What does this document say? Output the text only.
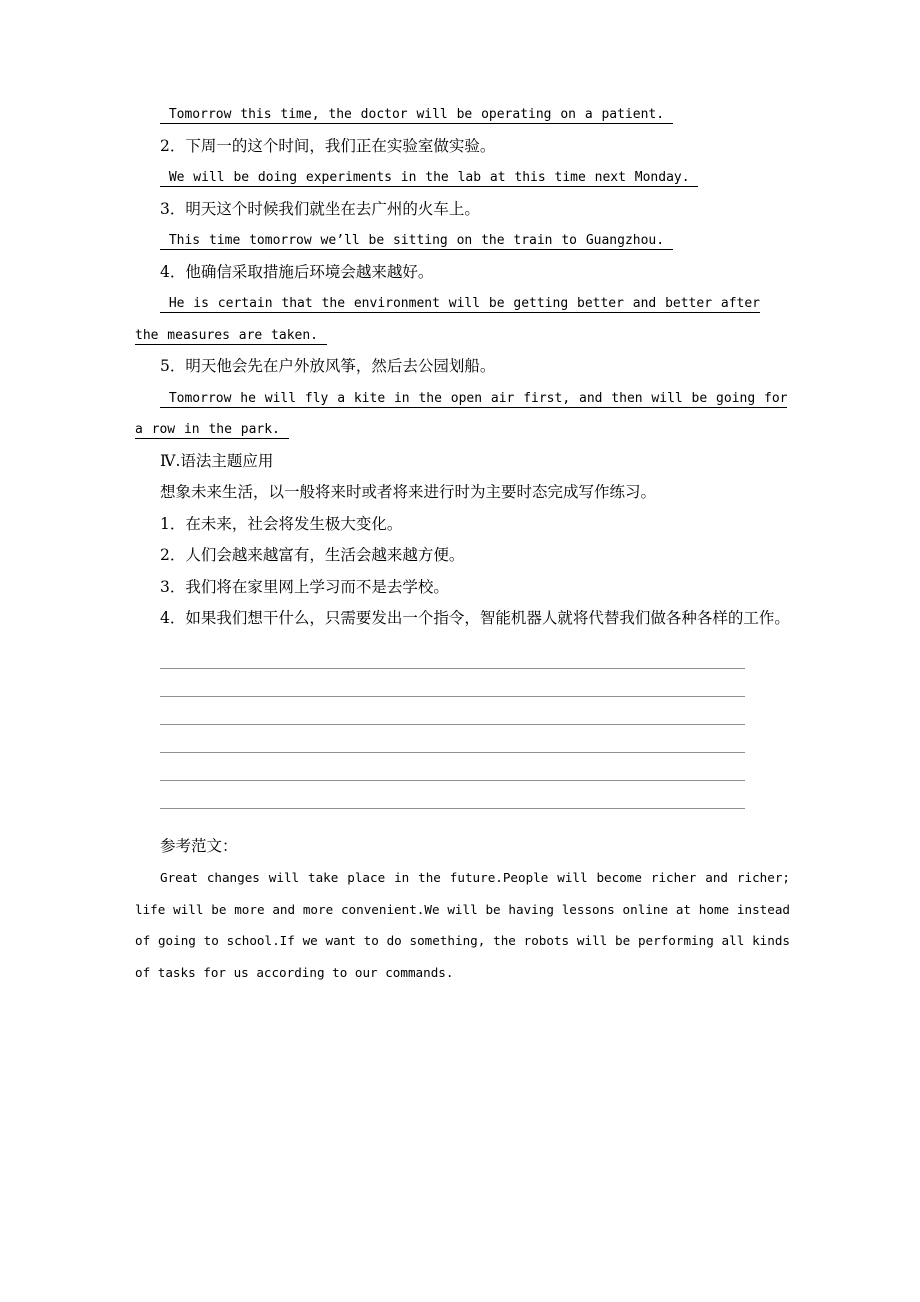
Tomorrow this time, the doctor will be operating on a patient.

2．下周一的这个时间，我们正在实验室做实验。

We will be doing experiments in the lab at this time next Monday.

3．明天这个时候我们就坐在去广州的火车上。

This time tomorrow we’ll be sitting on the train to Guangzhou.

4．他确信采取措施后环境会越来越好。

He is certain that the environment will be getting better and better after the measures are taken.

5．明天他会先在户外放风筝，然后去公园划船。

Tomorrow he will fly a kite in the open air first, and then will be going for a row in the park.

Ⅳ.语法主题应用

想象未来生活，以一般将来时或者将来进行时为主要时态完成写作练习。

1．在未来，社会将发生极大变化。

2．人们会越来越富有，生活会越来越方便。

3．我们将在家里网上学习而不是去学校。

4．如果我们想干什么，只需要发出一个指令，智能机器人就将代替我们做各种各样的工作。

参考范文：

Great changes will take place in the future.People will become richer and richer; life will be more and more convenient.We will be having lessons online at home instead of going to school.If we want to do something, the robots will be performing all kinds of tasks for us according to our commands.
